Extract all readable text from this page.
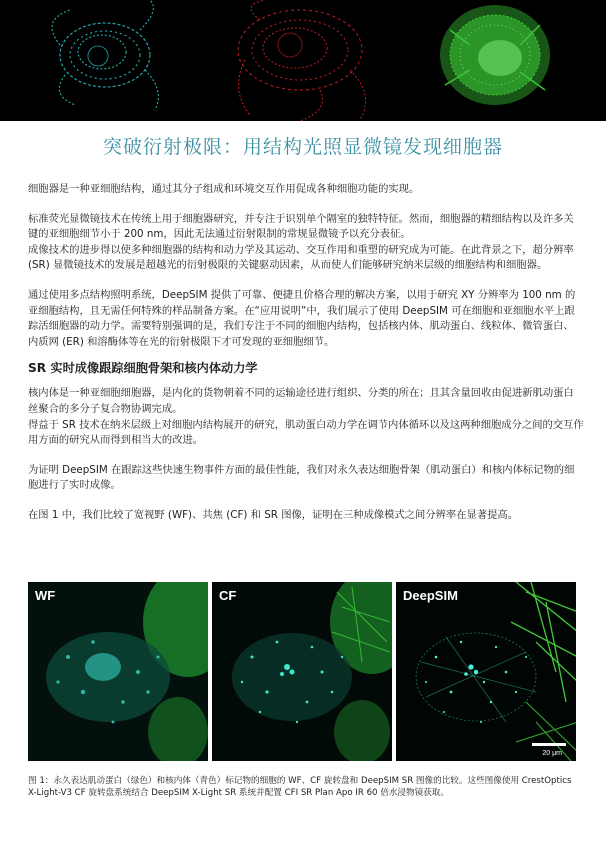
突破衍射极限：用结构光照显微镜发现细胞器

细胞器是一种亚细胞结构，通过其分子组成和环境交互作用促成各种细胞功能的实现。

标准荧光显微镜技术在传统上用于细胞器研究，并专注于识别单个隔室的独特特征。然而，细胞器的精细结构以及许多关键的亚细胞细节小于 200 nm，因此无法通过衍射限制的常规显微镜予以充分表征。

成像技术的进步得以使多种细胞器的结构和动力学及其运动、交互作用和重塑的研究成为可能。在此背景之下，超分辨率 (SR) 显微镜技术的发展是超越光的衍射极限的关键驱动因素，从而使人们能够研究纳米层级的细胞结构和细胞器。

通过使用多点结构照明系统，DeepSIM 提供了可靠、便捷且价格合理的解决方案，以用于研究 XY 分辨率为 100 nm 的亚细胞结构，且无需任何特殊的样品制备方案。在“应用说明”中，我们展示了使用 DeepSIM 可在细胞和亚细胞水平上跟踪活细胞器的动力学。需要特别强调的是，我们专注于不同的细胞内结构，包括核内体、肌动蛋白、线粒体、微管蛋白、内质网 (ER) 和溶酶体等在光的衍射极限下才可发现的亚细胞细节。

SR 实时成像跟踪细胞骨架和核内体动力学

核内体是一种亚细胞细胞器，是内化的货物朝着不同的运输途径进行组织、分类的所在；且其含量回收由促进新肌动蛋白丝聚合的多分子复合物协调完成。

得益于 SR 技术在纳米层级上对细胞内结构展开的研究，肌动蛋白动力学在调节内体循环以及这两种细胞成分之间的交互作用方面的研究从而得到相当大的改进。

为证明 DeepSIM 在跟踪这些快速生物事件方面的最佳性能，我们对永久表达细胞骨架（肌动蛋白）和核内体标记物的细胞进行了实时成像。

在图 1 中，我们比较了宽视野 (WF)、共焦 (CF) 和 SR 图像，证明在三种成像模式之间分辨率在显著提高。

WF	CF	DeepSIM
20 μm

图 1：永久表达肌动蛋白（绿色）和核内体（青色）标记物的细胞的 WF、CF 旋转盘和 DeepSIM SR 图像的比较。这些图像使用 CrestOptics X-Light-V3 CF 旋转盘系统结合 DeepSIM X-Light SR 系统并配置 CFI SR Plan Apo IR 60 倍水浸物镜获取。
